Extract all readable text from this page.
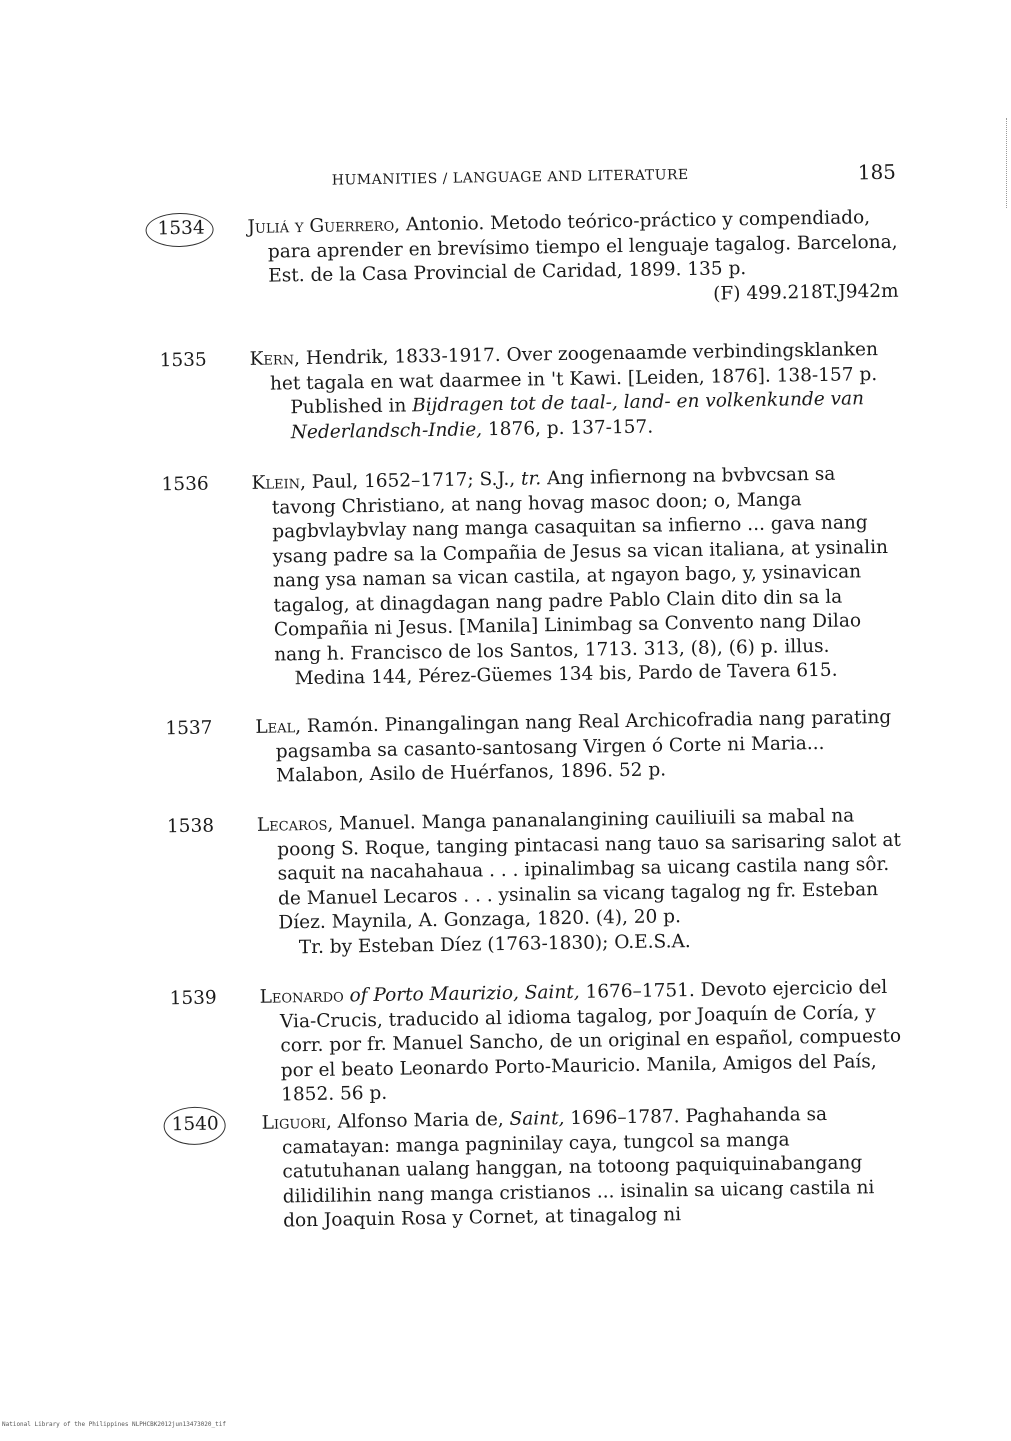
HUMANITIES / LANGUAGE AND LITERATURE	185
1534	Juliá y Guerrero, Antonio. Metodo teórico-práctico y compendiado, para aprender en brevísimo tiempo el lenguaje tagalog. Barcelona, Est. de la Casa Provincial de Caridad, 1899. 135 p.
(F) 499.218T.J942m
1535	Kern, Hendrik, 1833-1917. Over zoogenaamde verbindingsklanken het tagala en wat daarmee in 't Kawi. [Leiden, 1876]. 138-157 p.
Published in Bijdragen tot de taal-, land- en volkenkunde van Nederlandsch-Indie, 1876, p. 137-157.
1536	Klein, Paul, 1652–1717; S.J., tr. Ang infiernong na bvbvcsan sa tavong Christiano, at nang hovag masoc doon; o, Manga pagbvlaybvlay nang manga casaquitan sa infierno ... gava nang ysang padre sa la Compañia de Jesus sa vican italiana, at ysinalin nang ysa naman sa vican castila, at ngayon bago, y, ysinavican tagalog, at dinagdagan nang padre Pablo Clain dito din sa la Compañia ni Jesus. [Manila] Linimbag sa Convento nang Dilao nang h. Francisco de los Santos, 1713. 313, (8), (6) p. illus.
Medina 144, Pérez-Güemes 134 bis, Pardo de Tavera 615.
1537	Leal, Ramón. Pinangalingan nang Real Archicofradia nang parating pagsamba sa casanto-santosang Virgen ó Corte ni Maria... Malabon, Asilo de Huérfanos, 1896. 52 p.
1538	Lecaros, Manuel. Manga pananalangining cauiliuili sa mabal na poong S. Roque, tanging pintacasi nang tauo sa sarisaring salot at saquit na nacahahaua . . . ipinalimbag sa uicang castila nang sôr. de Manuel Lecaros . . . ysinalin sa vicang tagalog ng fr. Esteban Díez. Maynila, A. Gonzaga, 1820. (4), 20 p.
Tr. by Esteban Díez (1763-1830); O.E.S.A.
1539	Leonardo of Porto Maurizio, Saint, 1676–1751. Devoto ejercicio del Via-Crucis, traducido al idioma tagalog, por Joaquín de Coría, y corr. por fr. Manuel Sancho, de un original en español, compuesto por el beato Leonardo Porto-Mauricio. Manila, Amigos del País, 1852. 56 p.
1540	Liguori, Alfonso Maria de, Saint, 1696–1787. Paghahanda sa camatayan: manga pagninilay caya, tungcol sa manga catutuhanan ualang hanggan, na totoong paquiquinabangang dilidilihin nang manga cristianos ... isinalin sa uicang castila ni don Joaquin Rosa y Cornet, at tinagalog ni
National Library of the Philippines NLPHCBK2012jun13473020_tif
